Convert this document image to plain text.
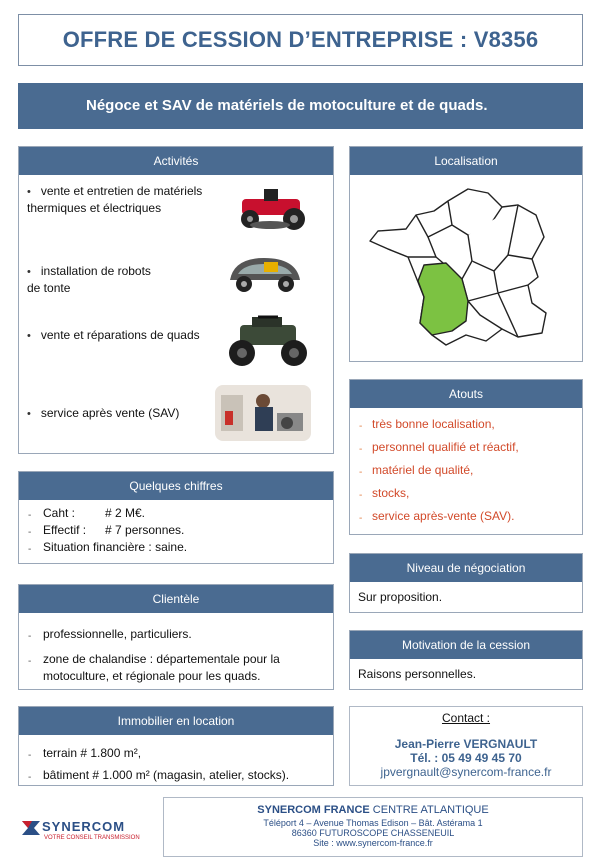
OFFRE DE CESSION D’ENTREPRISE : V8356
Négoce et SAV de matériels de motoculture et de quads.
Activités
• vente et entretien de matériels thermiques et électriques
• installation de robots de tonte
• vente et réparations de quads
• service après vente (SAV)
Localisation
Atouts
- très bonne localisation,
- personnel qualifié et réactif,
- matériel de qualité,
- stocks,
- service après-vente (SAV).
Quelques chiffres
- Caht : # 2 M€.
- Effectif : # 7 personnes.
- Situation financière : saine.
Niveau de négociation
Sur proposition.
Clientèle
- professionnelle, particuliers.
- zone de chalandise : départementale pour la motoculture, et régionale pour les quads.
Motivation de la cession
Raisons personnelles.
Immobilier en location
- terrain # 1.800 m²,
- bâtiment # 1.000 m² (magasin, atelier, stocks).
Contact :
Jean-Pierre VERGNAULT
Tél. : 05 49 49 45 70
jpvergnault@synercom-france.fr
SYNERCOM
VOTRE CONSEIL TRANSMISSION
SYNERCOM FRANCE CENTRE ATLANTIQUE
Téléport 4 – Avenue Thomas Edison – Bât. Astérama 1
86360 FUTUROSCOPE CHASSENEUIL
Site : www.synercom-france.fr
